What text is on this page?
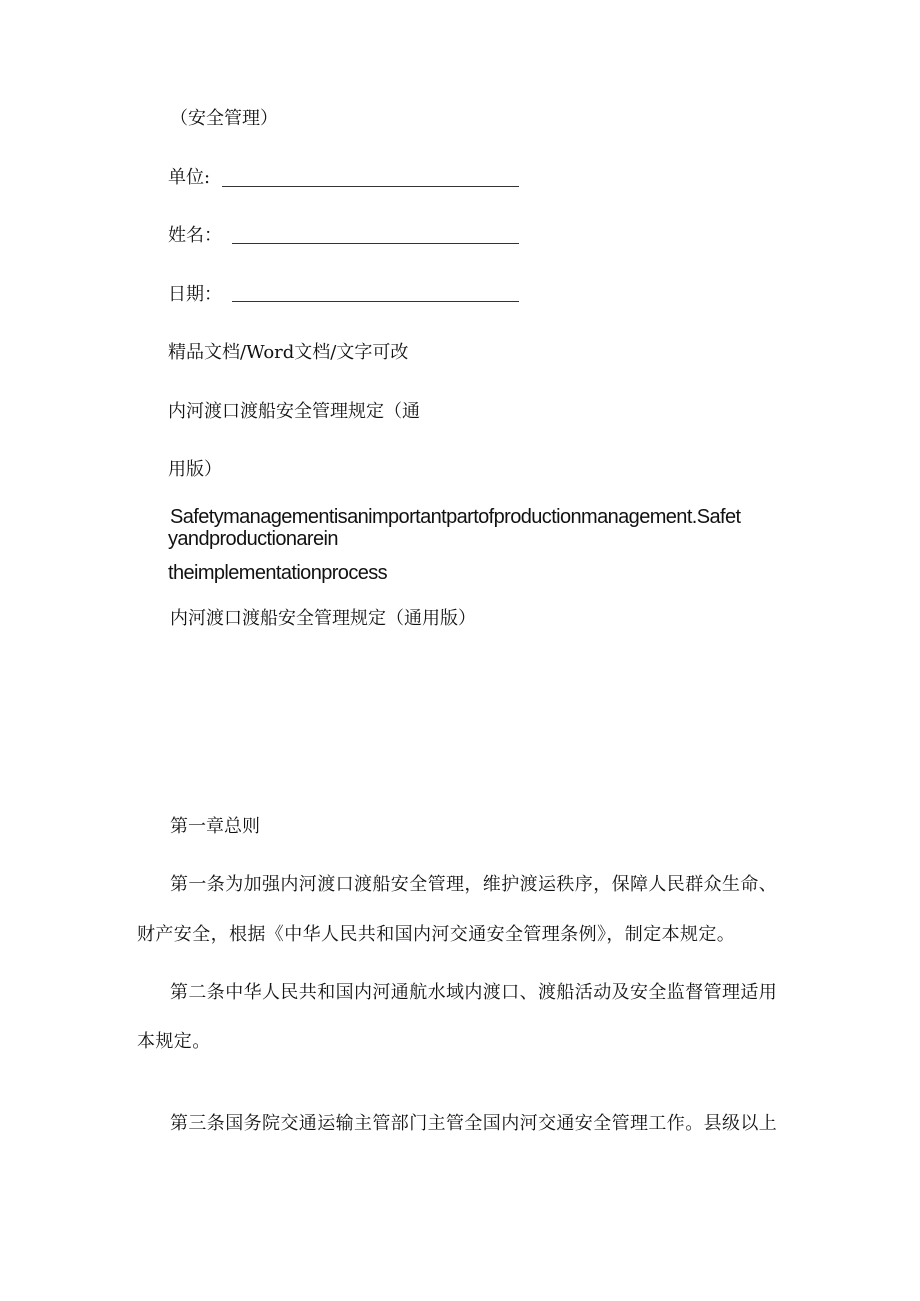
（安全管理）
单位:
姓名：
日期：
精品文档/Word文档/文字可改
内河渡口渡船安全管理规定（通
用版）
Safetymanagementisanimportantpartofproductionmanagement.Safet
yandproductionarein
theimplementationprocess
内河渡口渡船安全管理规定（通用版）
第一章总则
第一条为加强内河渡口渡船安全管理，维护渡运秩序，保障人民群众生命、
财产安全，根据《中华人民共和国内河交通安全管理条例》，制定本规定。
第二条中华人民共和国内河通航水域内渡口、渡船活动及安全监督管理适用
本规定。
第三条国务院交通运输主管部门主管全国内河交通安全管理工作。县级以上
